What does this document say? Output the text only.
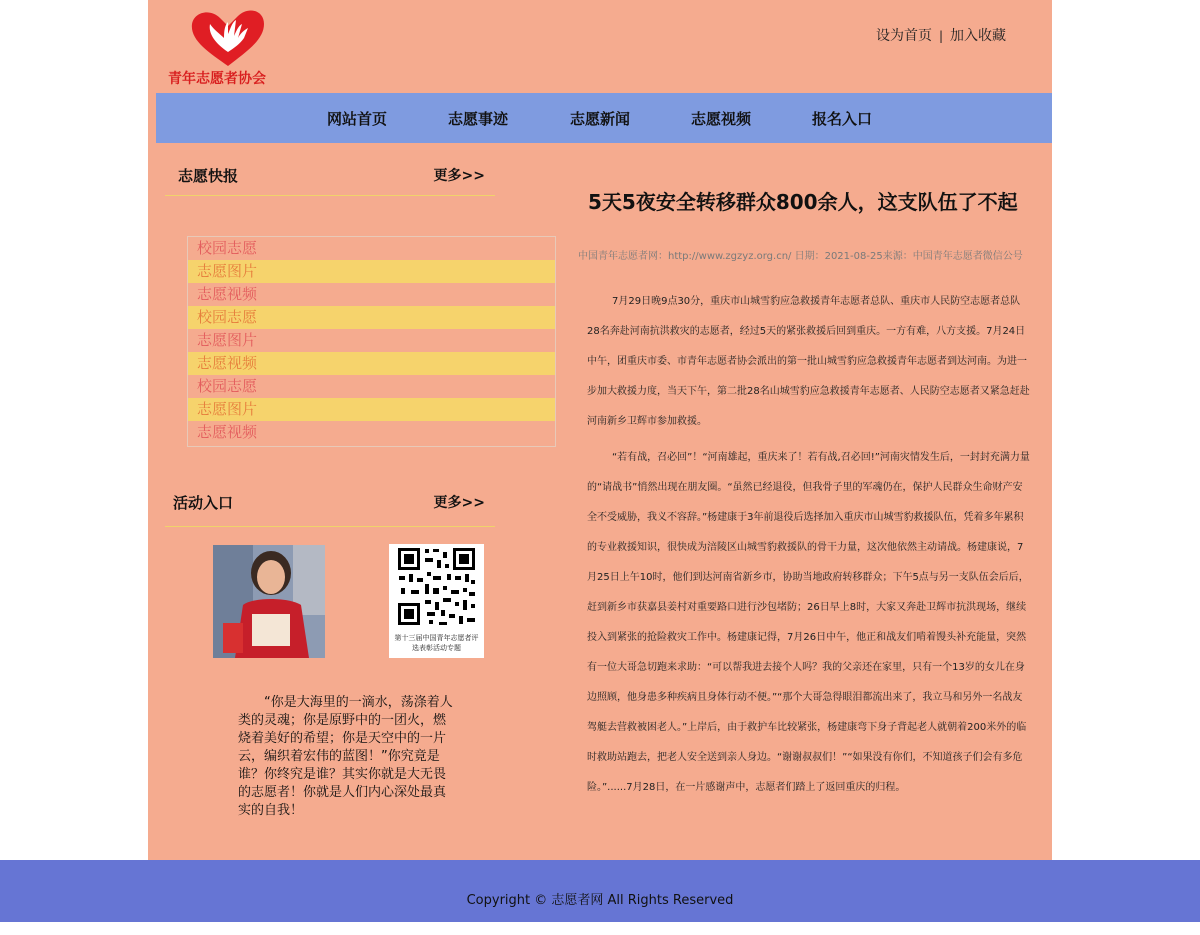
青年志愿者协会
设为首页 | 加入收藏
网站首页	志愿事迹	志愿新闻	志愿视频	报名入口
志愿快报	更多>>
校园志愿
志愿图片
志愿视频
校园志愿
志愿图片
志愿视频
校园志愿
志愿图片
志愿视频
活动入口	更多>>
第十三届中国青年志愿者评选表彰活动专题
“你是大海里的一滴水，荡涤着人类的灵魂；你是原野中的一团火，燃烧着美好的希望；你是天空中的一片云，编织着宏伟的蓝图！”你究竟是谁？你终究是谁？其实你就是大无畏的志愿者！你就是人们内心深处最真实的自我！
5天5夜安全转移群众800余人，这支队伍了不起
中国青年志愿者网：http://www.zgzyz.org.cn/ 日期：2021-08-25来源：中国青年志愿者微信公号
7月29日晚9点30分，重庆市山城雪豹应急救援青年志愿者总队、重庆市人民防空志愿者总队28名奔赴河南抗洪救灾的志愿者，经过5天的紧张救援后回到重庆。一方有难，八方支援。7月24日中午，团重庆市委、市青年志愿者协会派出的第一批山城雪豹应急救援青年志愿者到达河南。为进一步加大救援力度，当天下午，第二批28名山城雪豹应急救援青年志愿者、人民防空志愿者又紧急赶赴河南新乡卫辉市参加救援。
“若有战，召必回”！“河南雄起，重庆来了！若有战,召必回!”河南灾情发生后，一封封充满力量的“请战书”悄然出现在朋友圈。“虽然已经退役，但我骨子里的军魂仍在，保护人民群众生命财产安全不受威胁，我义不容辞。”杨建康于3年前退役后选择加入重庆市山城雪豹救援队伍，凭着多年累积的专业救援知识，很快成为涪陵区山城雪豹救援队的骨干力量，这次他依然主动请战。杨建康说，7月25日上午10时，他们到达河南省新乡市，协助当地政府转移群众；下午5点与另一支队伍会后后，赶到新乡市获嘉县姜村对重要路口进行沙包堵防；26日早上8时，大家又奔赴卫辉市抗洪现场，继续投入到紧张的抢险救灾工作中。杨建康记得，7月26日中午，他正和战友们啃着馒头补充能量，突然有一位大哥急切跑来求助：“可以帮我进去接个人吗？我的父亲还在家里，只有一个13岁的女儿在身边照顾，他身患多种疾病且身体行动不便。”“那个大哥急得眼泪都流出来了，我立马和另外一名战友驾艇去营救被困老人。”上岸后，由于救护车比较紧张，杨建康弯下身子背起老人就朝着200米外的临时救助站跑去，把老人安全送到亲人身边。“谢谢叔叔们！”“如果没有你们，不知道孩子们会有多危险。”......7月28日，在一片感谢声中，志愿者们踏上了返回重庆的归程。
Copyright © 志愿者网 All Rights Reserved
